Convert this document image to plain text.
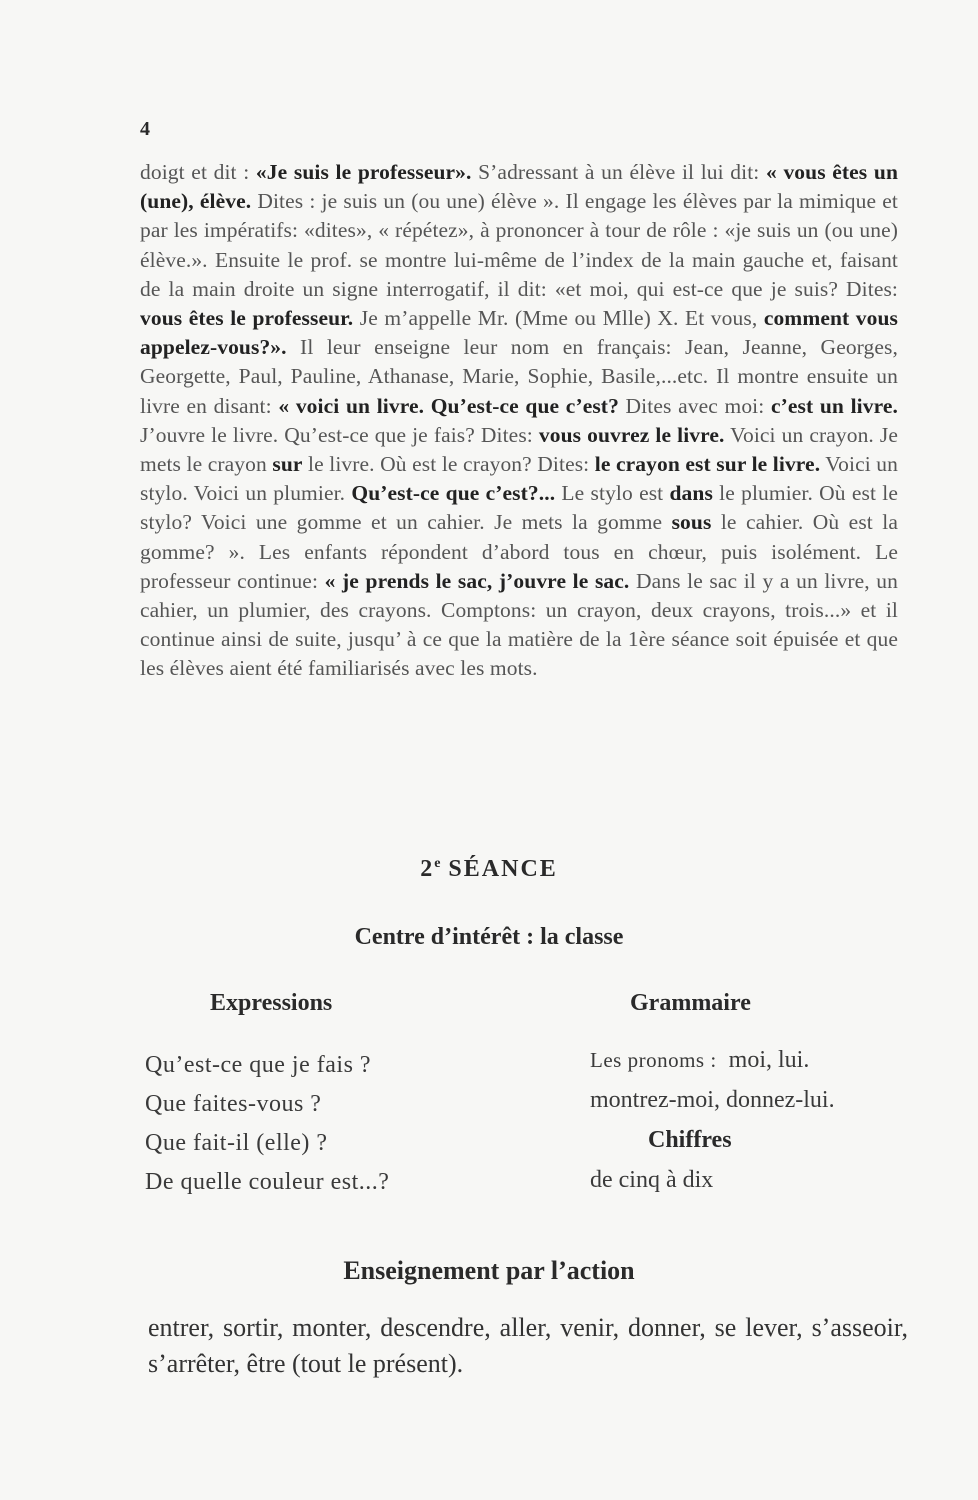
4
doigt et dit : «Je suis le professeur». S’adressant à un élève il lui dit: « vous êtes un (une), élève. Dites : je suis un (ou une) élève ». Il engage les élèves par la mimique et par les impératifs: «dites», « répétez», à prononcer à tour de rôle : «je suis un (ou une) élève.». Ensuite le prof. se montre lui-même de l’index de la main gauche et, faisant de la main droite un signe interrogatif, il dit: «et moi, qui est-ce que je suis? Dites: vous êtes le professeur. Je m’appelle Mr. (Mme ou Mlle) X. Et vous, comment vous appelez-vous?». Il leur enseigne leur nom en français: Jean, Jeanne, Georges, Georgette, Paul, Pauline, Athanase, Marie, Sophie, Basile,...etc. Il montre ensuite un livre en disant: « voici un livre. Qu’est-ce que c’est? Dites avec moi: c’est un livre. J’ouvre le livre. Qu’est-ce que je fais? Dites: vous ouvrez le livre. Voici un crayon. Je mets le crayon sur le livre. Où est le crayon? Dites: le crayon est sur le livre. Voici un stylo. Voici un plumier. Qu’est-ce que c’est?... Le stylo est dans le plumier. Où est le stylo? Voici une gomme et un cahier. Je mets la gomme sous le cahier. Où est la gomme? ». Les enfants répondent d’abord tous en chœur, puis isolément. Le professeur continue: « je prends le sac, j’ouvre le sac. Dans le sac il y a un livre, un cahier, un plumier, des crayons. Comptons: un crayon, deux crayons, trois...» et il continue ainsi de suite, jusqu’ à ce que la matière de la 1ère séance soit épuisée et que les élèves aient été familiarisés avec les mots.
2e SÉANCE
Centre d’intérêt : la classe
Expressions	Grammaire
Qu’est-ce que je fais ?
Que faites-vous ?
Que fait-il (elle) ?
De quelle couleur est...?
Les pronoms : moi, lui.
montrez-moi, donnez-lui.
Chiffres
de cinq à dix
Enseignement par l’action
entrer, sortir, monter, descendre, aller, venir, donner, se lever, s’asseoir, s’arrêter, être (tout le présent).
